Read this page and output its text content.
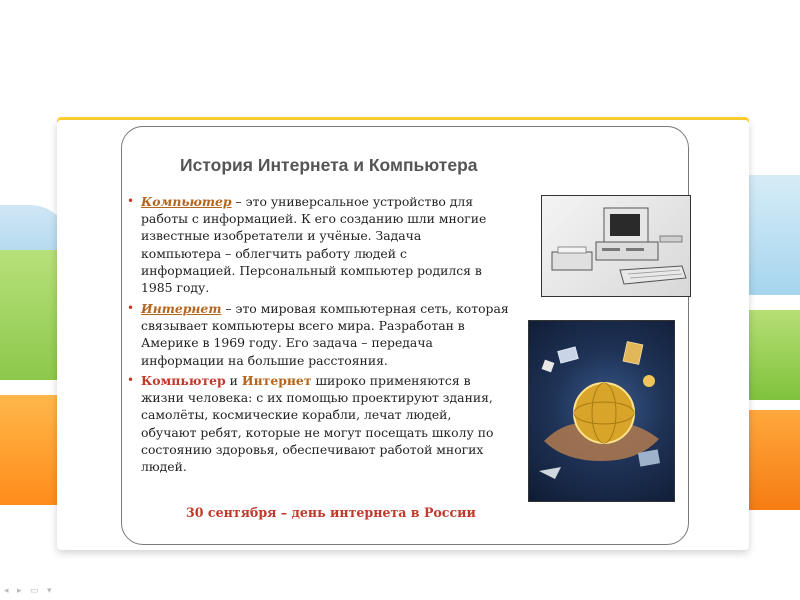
История Интернета и Компьютера
• Компьютер – это универсальное устройство для
работы с информацией. К его созданию шли многие
известные изобретатели и учёные. Задача
компьютера – облегчить работу людей с
информацией. Персональный компьютер родился в
1985 году.
• Интернет – это мировая компьютерная сеть, которая
связывает компьютеры всего мира. Разработан в
Америке в 1969 году. Его задача – передача
информации на большие расстояния.
• Компьютер и Интернет широко применяются в
жизни человека: с их помощью проектируют здания,
самолёты, космические корабли, лечат людей,
обучают ребят, которые не могут посещать школу по
состоянию здоровья, обеспечивают работой многих
людей.
30 сентября – день интернета в России
◂ ▸ ▭ ▾
